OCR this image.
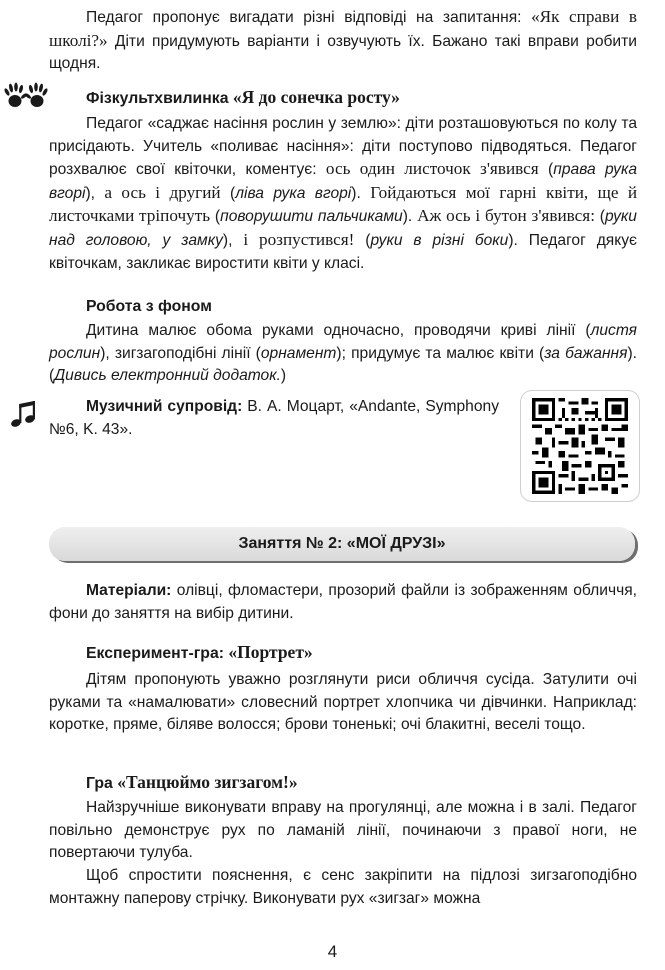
Педагог пропонує вигадати різні відповіді на запитання: «Як справи в школі?» Діти придумують варіанти і озвучують їх. Бажано такі вправи робити щодня.

Фізкультхвилинка «Я до сонечка росту»

Педагог «саджає насіння рослин у землю»: діти розташовуються по колу та присідають. Учитель «поливає насіння»: діти поступово підводяться. Педагог розхвалює свої квіточки, коментує: ось один листочок з'явився (права рука вгорі), а ось і другий (ліва рука вгорі). Гойдаються мої гарні квіти, ще й листочками тріпочуть (поворушити пальчиками). Аж ось і бутон з'явився: (руки над головою, у замку), і розпустився! (руки в різні боки). Педагог дякує квіточкам, закликає виростити квіти у класі.

Робота з фоном

Дитина малює обома руками одночасно, проводячи криві лінії (листя рослин), зигзагоподібні лінії (орнамент); придумує та малює квіти (за бажання). (Дивись електронний додаток.)

Музичний супровід: В. А. Моцарт, «Andante, Symphony №6, K. 43».

Заняття № 2: «МОЇ ДРУЗІ»

Матеріали: олівці, фломастери, прозорий файли із зображенням обличчя, фони до заняття на вибір дитини.

Експеримент-гра: «Портрет»

Дітям пропонують уважно розглянути риси обличчя сусіда. Затулити очі руками та «намалювати» словесний портрет хлопчика чи дівчинки. Наприклад: коротке, пряме, біляве волосся; брови тоненькі; очі блакитні, веселі тощо.

Гра «Танцюймо зигзагом!»

Найзручніше виконувати вправу на прогулянці, але можна і в залі. Педагог повільно демонструє рух по ламаній лінії, починаючи з правої ноги, не повертаючи тулуба.

Щоб спростити пояснення, є сенс закріпити на підлозі зигзагоподібно монтажну паперову стрічку. Виконувати рух «зигзаг» можна

4
